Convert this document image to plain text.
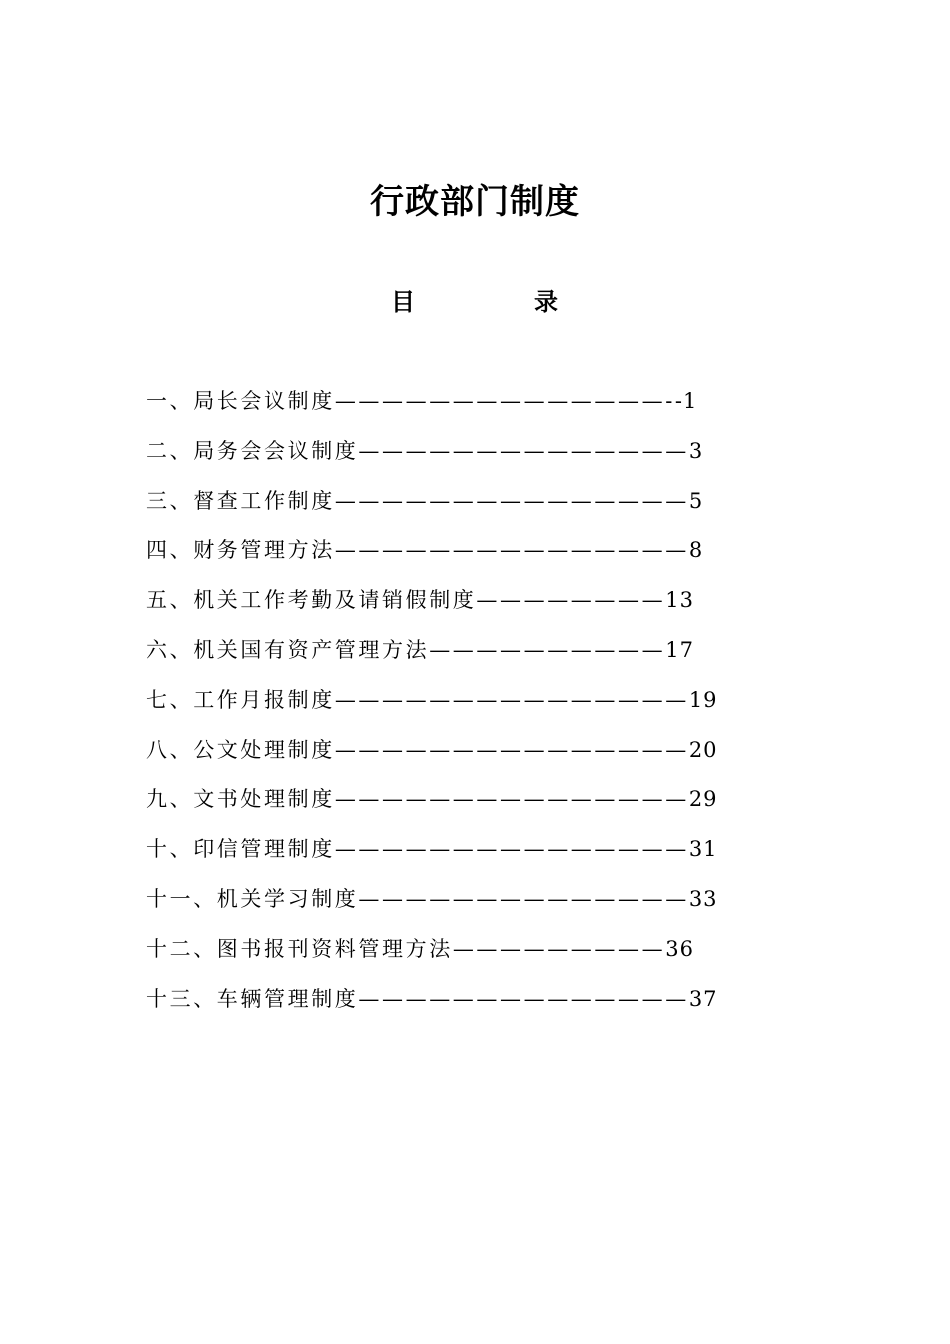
行政部门制度
目	录
一、局长会议制度——————————————--1
二、局务会会议制度——————————————3
三、督查工作制度———————————————5
四、财务管理方法———————————————8
五、机关工作考勤及请销假制度————————13
六、机关国有资产管理方法——————————17
七、工作月报制度———————————————19
八、公文处理制度———————————————20
九、文书处理制度———————————————29
十、印信管理制度———————————————31
十一、机关学习制度——————————————33
十二、图书报刊资料管理方法—————————36
十三、车辆管理制度——————————————37
